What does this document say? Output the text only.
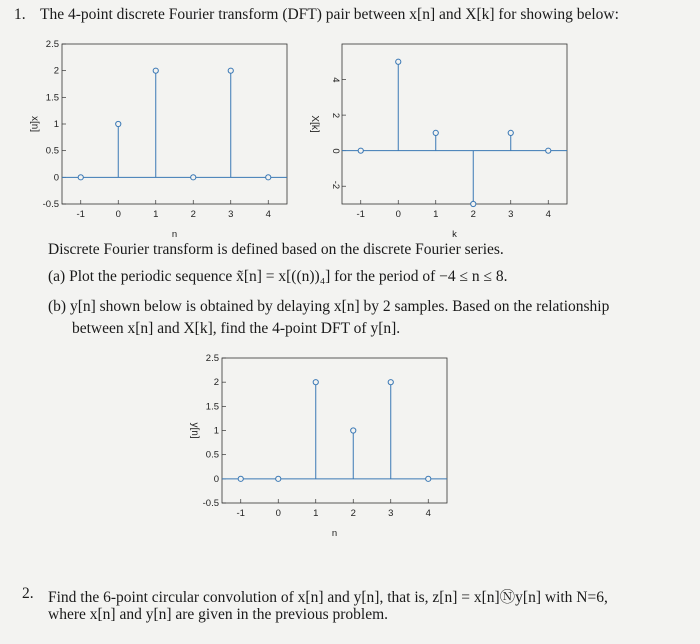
1. The 4-point discrete Fourier transform (DFT) pair between x[n] and X[k] for showing below:
-0.5
0
0.5
1
1.5
2
2.5
-1	0	1	2	3	4
n
x[n]
-2
0
2
4
-1	0	1	2	3	4
k
X[k]
Discrete Fourier transform is defined based on the discrete Fourier series.
(a) Plot the periodic sequence x̃[n] = x[((n))₄] for the period of −4 ≤ n ≤ 8.
(b) y[n] shown below is obtained by delaying x[n] by 2 samples. Based on the relationship
between x[n] and X[k], find the 4-point DFT of y[n].
-0.5
0
0.5
1
1.5
2
2.5
-1	0	1	2	3	4
n
y[n]
2. Find the 6-point circular convolution of x[n] and y[n], that is, z[n] = x[n]Ⓝy[n] with N=6,
where x[n] and y[n] are given in the previous problem.
